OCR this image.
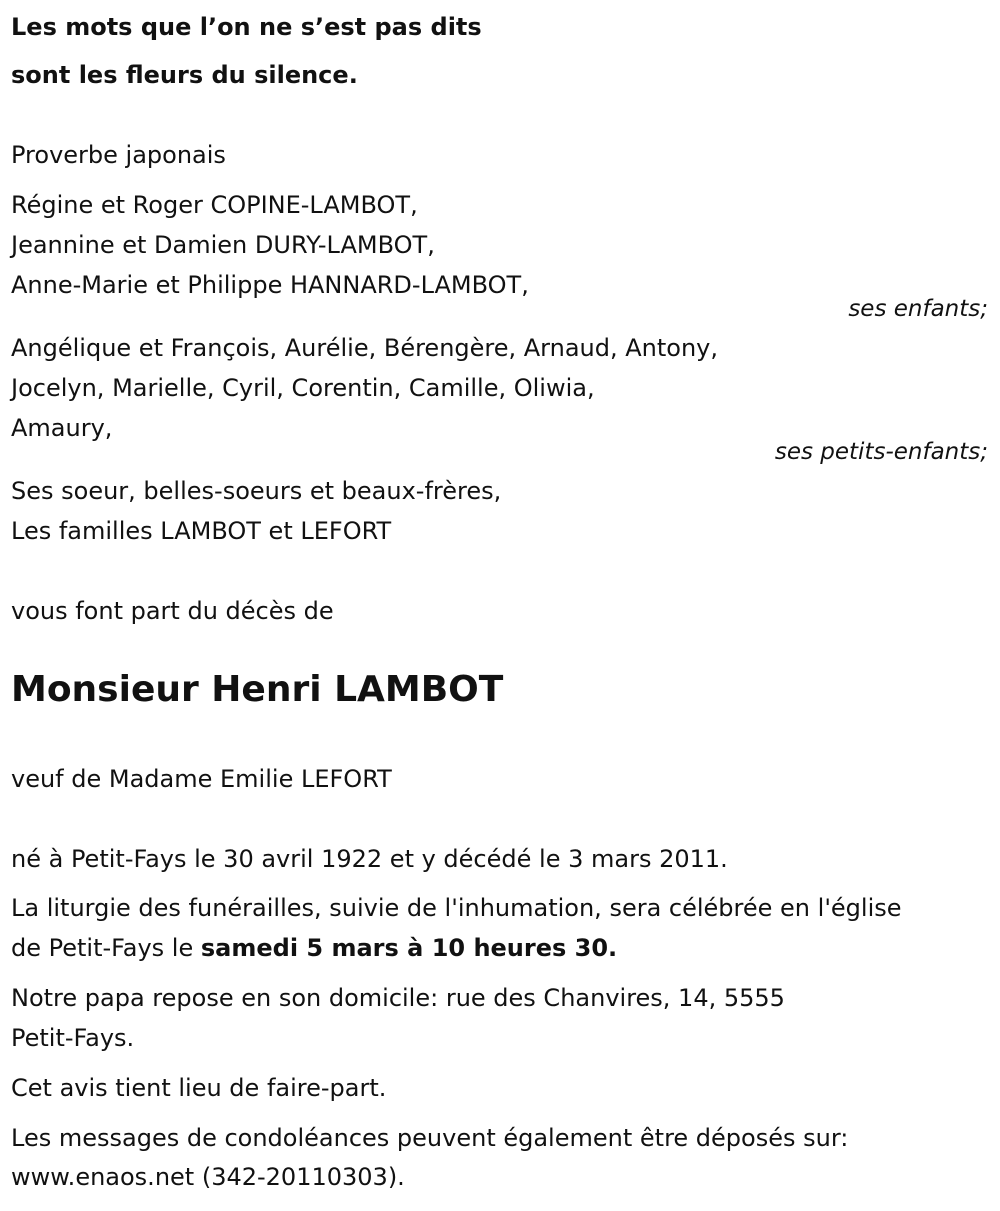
Les mots que l’on ne s’est pas dits
sont les fleurs du silence.
Proverbe japonais
Régine et Roger COPINE-LAMBOT,
Jeannine et Damien DURY-LAMBOT,
Anne-Marie et Philippe HANNARD-LAMBOT,
ses enfants;
Angélique et François, Aurélie, Bérengère, Arnaud, Antony,
Jocelyn, Marielle, Cyril, Corentin, Camille, Oliwia,
Amaury,
ses petits-enfants;
Ses soeur, belles-soeurs et beaux-frères,
Les familles LAMBOT et LEFORT
vous font part du décès de
Monsieur Henri LAMBOT
veuf de Madame Emilie LEFORT
né à Petit-Fays le 30 avril 1922 et y décédé le 3 mars 2011.
La liturgie des funérailles, suivie de l'inhumation, sera célébrée en l'église
de Petit-Fays le samedi 5 mars à 10 heures 30.
Notre papa repose en son domicile: rue des Chanvires, 14, 5555
Petit-Fays.
Cet avis tient lieu de faire-part.
Les messages de condoléances peuvent également être déposés sur:
www.enaos.net (342-20110303).
